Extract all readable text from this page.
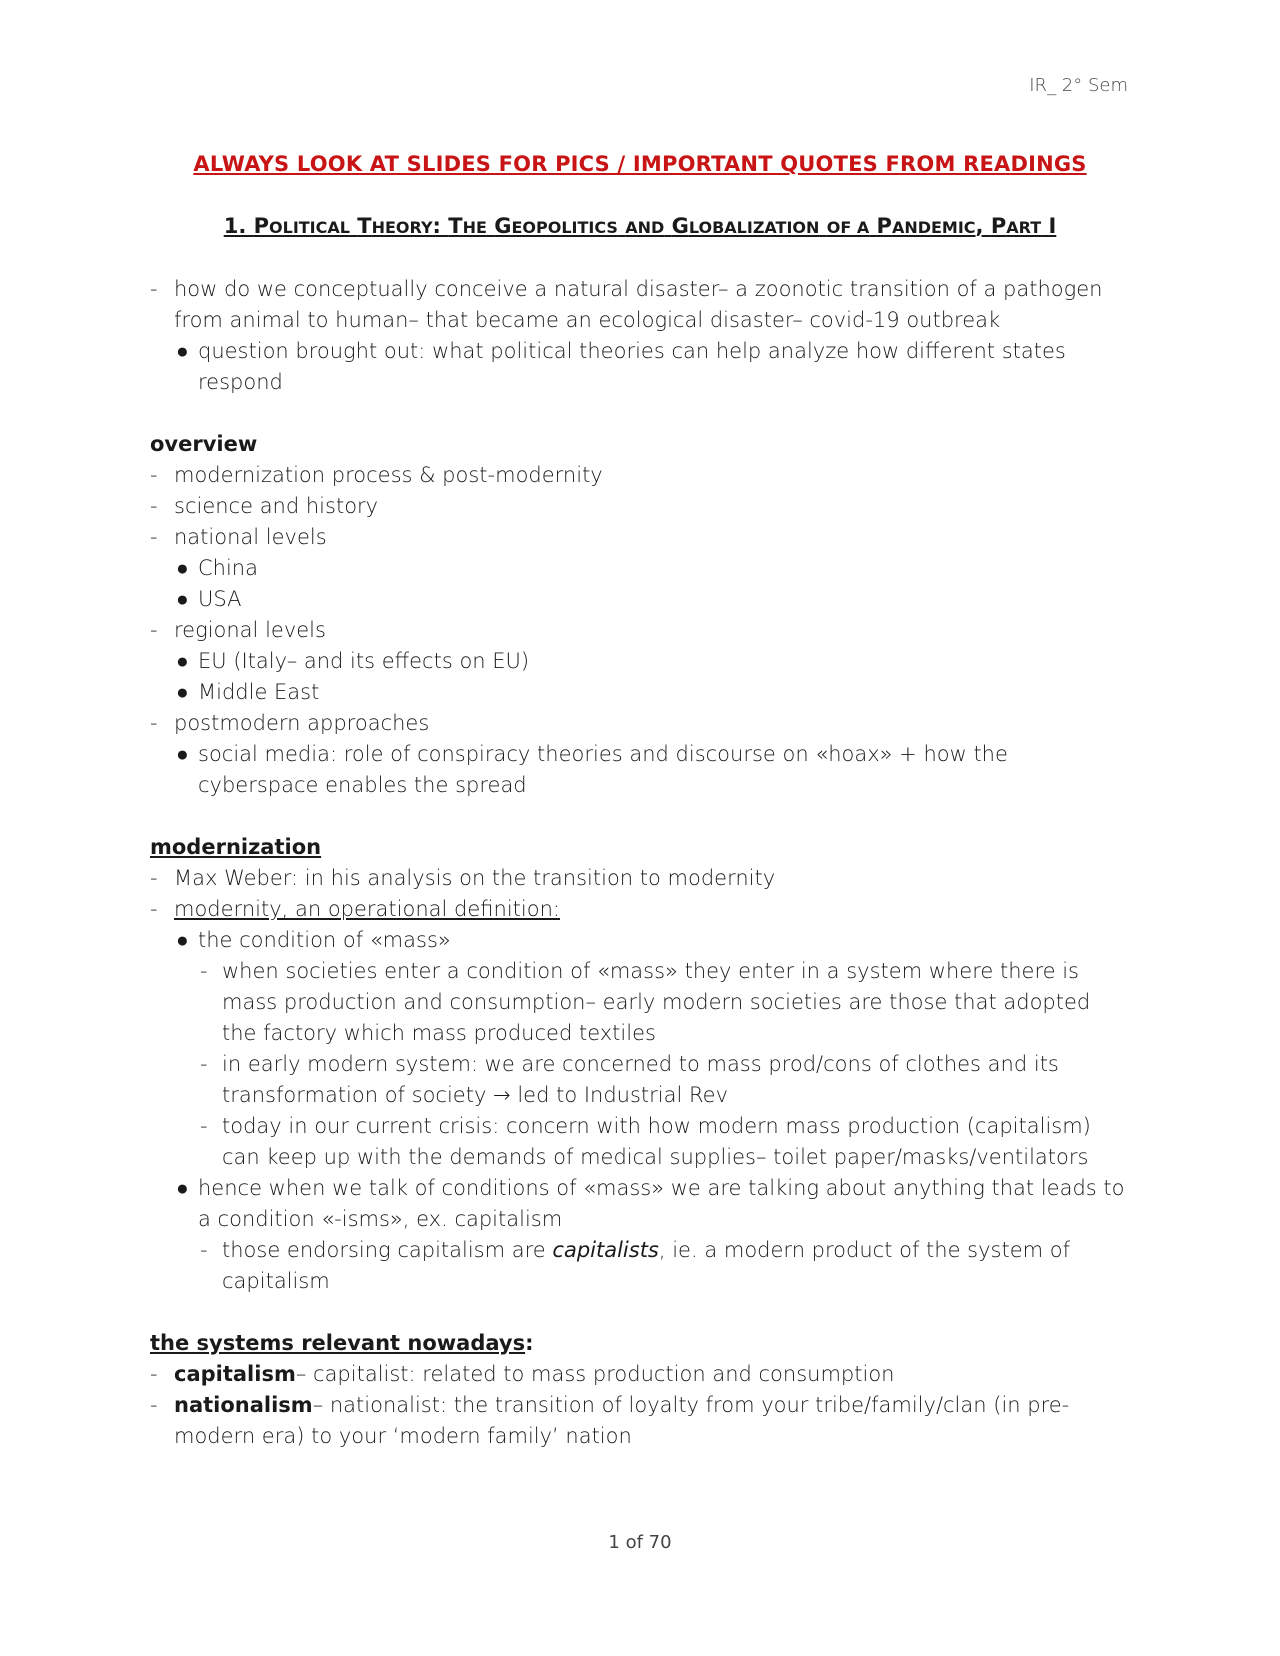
IR_ 2° Sem
ALWAYS LOOK AT SLIDES FOR PICS / IMPORTANT QUOTES FROM READINGS
1. POLITICAL THEORY: THE GEOPOLITICS AND GLOBALIZATION OF A PANDEMIC, PART I
- how do we conceptually conceive a natural disaster– a zoonotic transition of a pathogen from animal to human– that became an ecological disaster– covid-19 outbreak
● question brought out: what political theories can help analyze how different states respond
overview
- modernization process & post-modernity
- science and history
- national levels
● China
● USA
- regional levels
● EU (Italy– and its effects on EU)
● Middle East
- postmodern approaches
● social media: role of conspiracy theories and discourse on «hoax» + how the cyberspace enables the spread
modernization
- Max Weber: in his analysis on the transition to modernity
- modernity, an operational definition:
● the condition of «mass»
- when societies enter a condition of «mass» they enter in a system where there is mass production and consumption– early modern societies are those that adopted the factory which mass produced textiles
- in early modern system: we are concerned to mass prod/cons of clothes and its transformation of society → led to Industrial Rev
- today in our current crisis: concern with how modern mass production (capitalism) can keep up with the demands of medical supplies– toilet paper/masks/ventilators
● hence when we talk of conditions of «mass» we are talking about anything that leads to a condition «-isms», ex. capitalism
- those endorsing capitalism are capitalists, ie. a modern product of the system of capitalism
the systems relevant nowadays:
- capitalism– capitalist: related to mass production and consumption
- nationalism– nationalist: the transition of loyalty from your tribe/family/clan (in pre-modern era) to your ‘modern family’ nation
1 of 70
